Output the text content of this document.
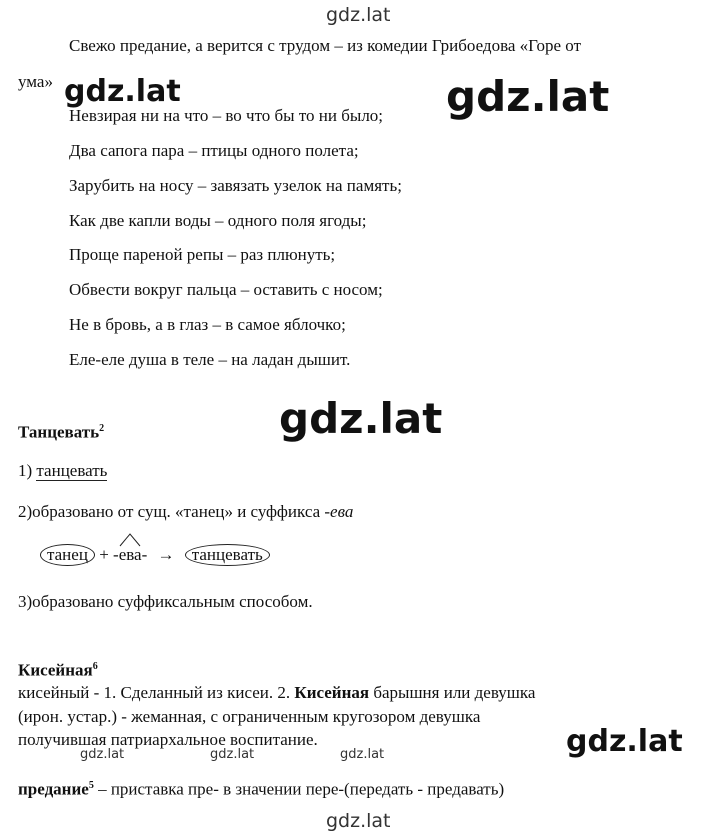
gdz.lat
gdz.lat	gdz.lat
gdz.lat
gdz.lat
gdz.lat	gdz.lat	gdz.lat
gdz.lat
Свежо предание, а верится с трудом – из комедии Грибоедова «Горе от
ума»
Невзирая ни на что – во что бы то ни было;
Два сапога пара – птицы одного полета;
Зарубить на носу – завязать узелок на память;
Как две капли воды – одного поля ягоды;
Проще пареной репы – раз плюнуть;
Обвести вокруг пальца – оставить с носом;
Не в бровь, а в глаз – в самое яблочко;
Еле-еле душа в теле – на ладан дышит.
Танцевать$^2$
1) танцевать
2)образовано от сущ. «танец» и суффикса -ева
танец +
-ева- → танцевать
3)образовано суффиксальным способом.
Кисейная$^6$
кисейный - 1. Сделанный из кисеи. 2. Кисейная барышня или девушка
(ирон. устар.) - жеманная, с ограниченным кругозором девушка
получившая патриархальное воспитание.
предание$^5$ – приставка пре- в значении пере-(передать - предавать)
